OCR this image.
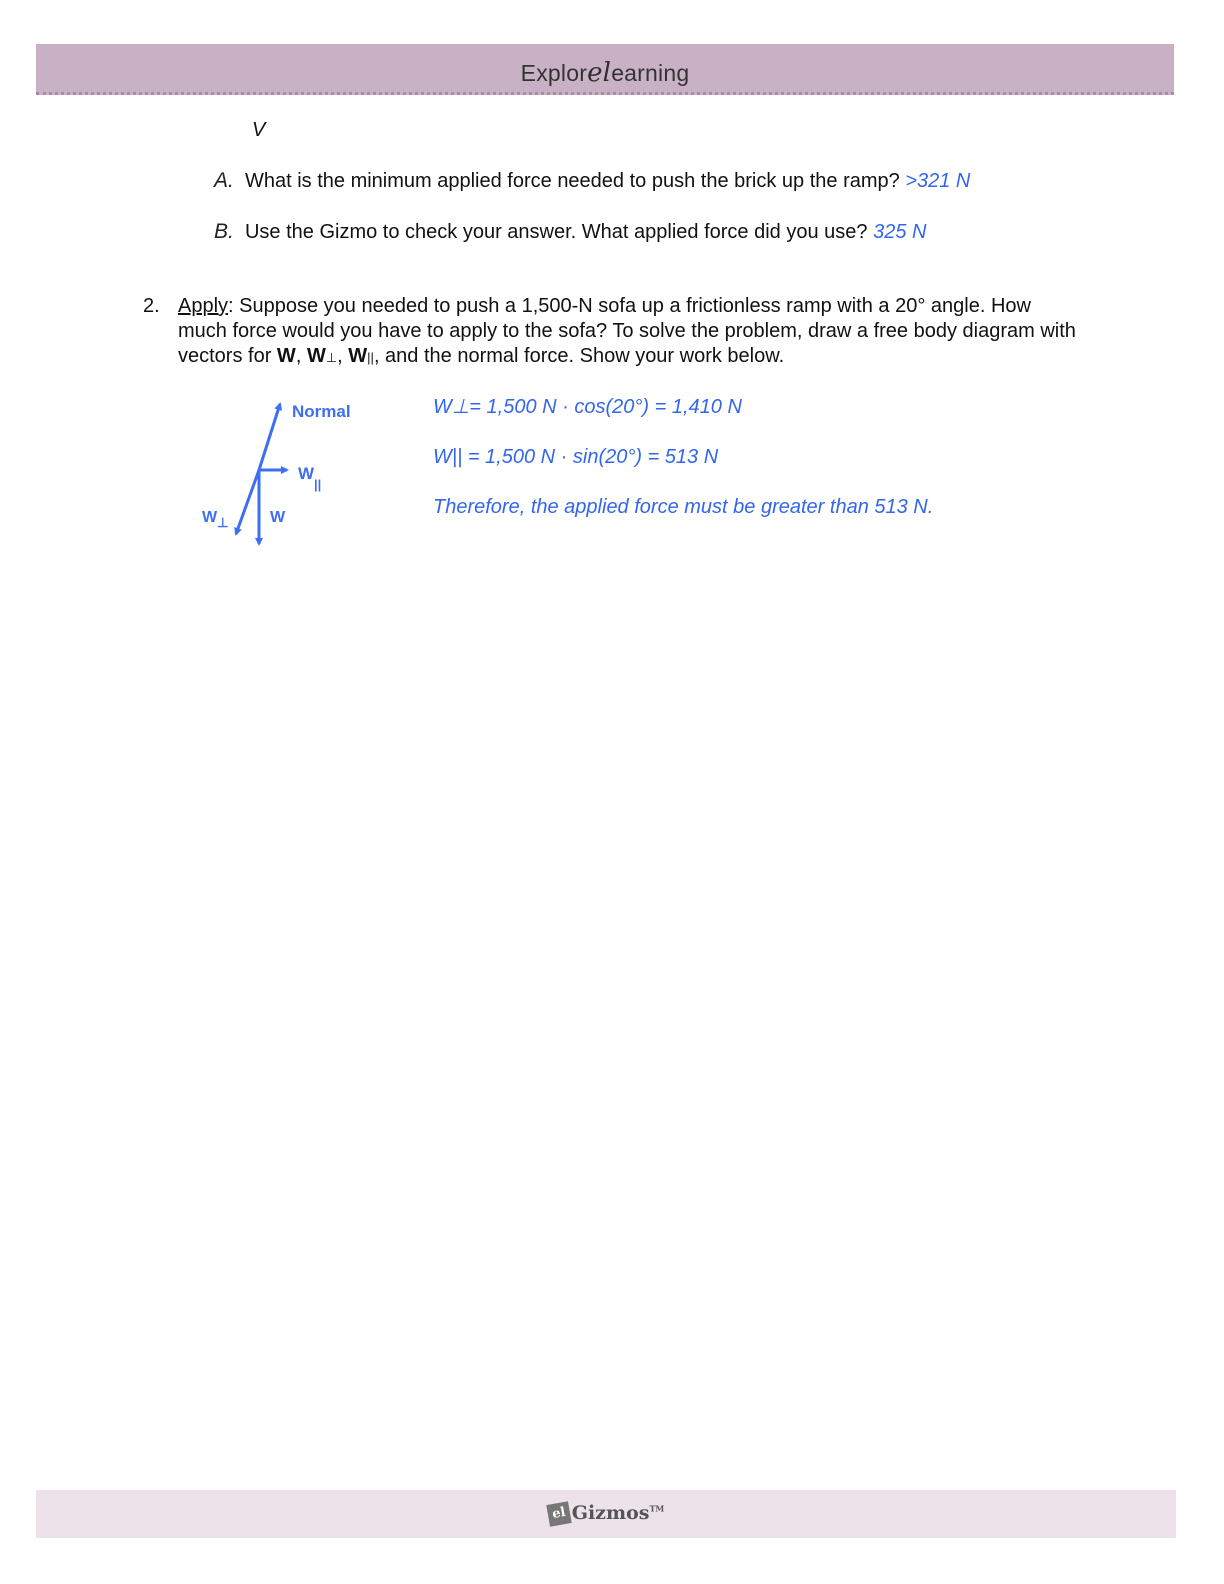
Explorelearning
V
A. What is the minimum applied force needed to push the brick up the ramp? >321 N
B. Use the Gizmo to check your answer. What applied force did you use? 325 N
2. Apply: Suppose you needed to push a 1,500-N sofa up a frictionless ramp with a 20° angle. How much force would you have to apply to the sofa? To solve the problem, draw a free body diagram with vectors for W, W⊥, W||, and the normal force. Show your work below.
Normal
$W_{||}$
W
$W_\perp$
W⊥= 1,500 N · cos(20°) = 1,410 N
W|| = 1,500 N · sin(20°) = 513 N
Therefore, the applied force must be greater than 513 N.
el Gizmos™
